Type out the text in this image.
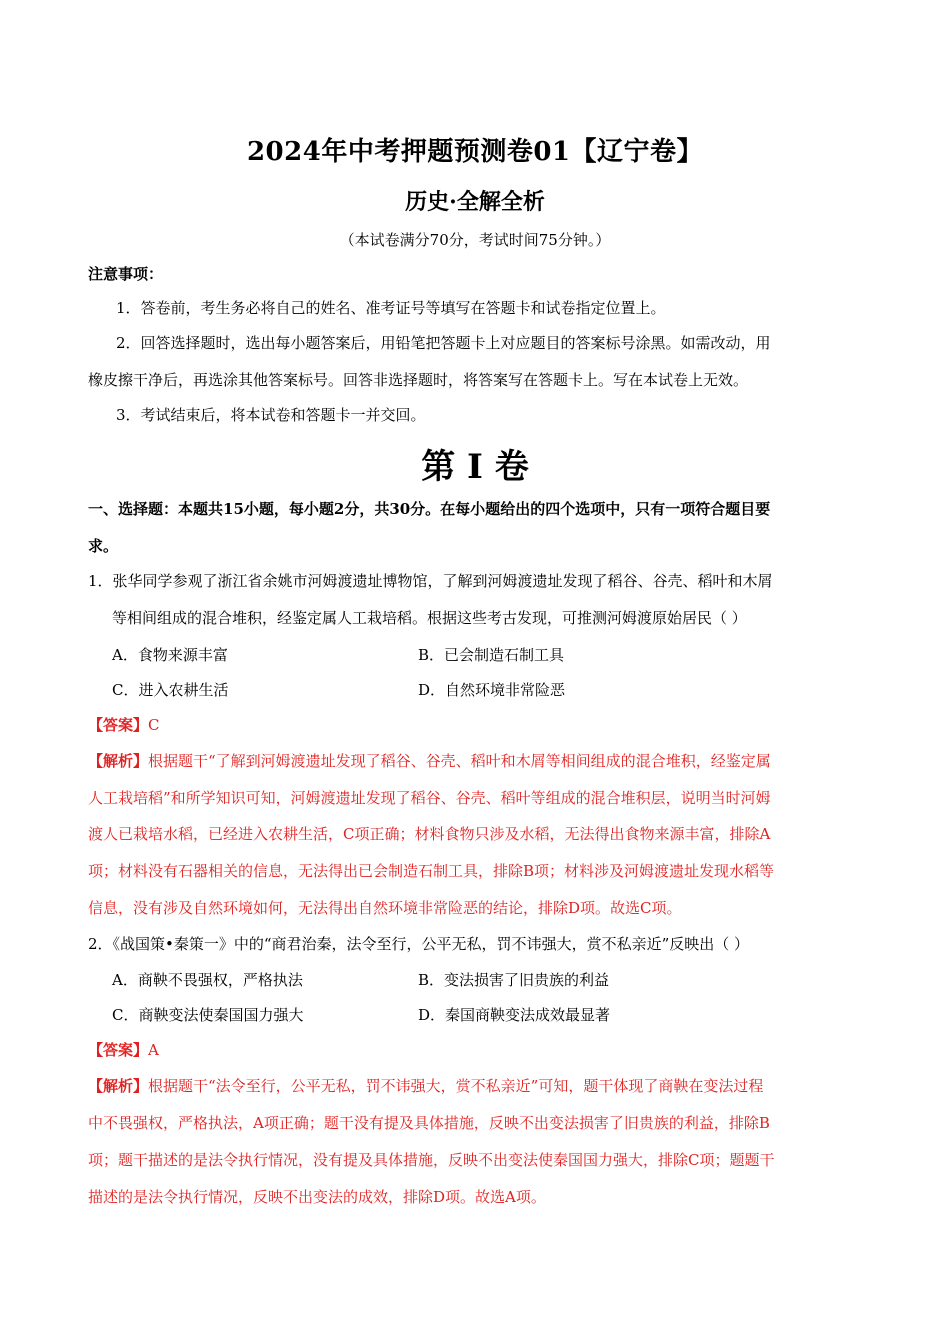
2024年中考押题预测卷01【辽宁卷】
历史·全解全析
（本试卷满分70分，考试时间75分钟。）
注意事项：
1．答卷前，考生务必将自己的姓名、准考证号等填写在答题卡和试卷指定位置上。
2．回答选择题时，选出每小题答案后，用铅笔把答题卡上对应题目的答案标号涂黑。如需改动，用
橡皮擦干净后，再选涂其他答案标号。回答非选择题时，将答案写在答题卡上。写在本试卷上无效。
3．考试结束后，将本试卷和答题卡一并交回。
第 I 卷
一、选择题：本题共15小题，每小题2分，共30分。在每小题给出的四个选项中，只有一项符合题目要
求。
1．张华同学参观了浙江省余姚市河姆渡遗址博物馆，了解到河姆渡遗址发现了稻谷、谷壳、稻叶和木屑
等相间组成的混合堆积，经鉴定属人工栽培稻。根据这些考古发现，可推测河姆渡原始居民（ ）
A．食物来源丰富	B．已会制造石制工具
C．进入农耕生活	D．自然环境非常险恶
【答案】C
【解析】根据题干“了解到河姆渡遗址发现了稻谷、谷壳、稻叶和木屑等相间组成的混合堆积，经鉴定属
人工栽培稻”和所学知识可知，河姆渡遗址发现了稻谷、谷壳、稻叶等组成的混合堆积层，说明当时河姆
渡人已栽培水稻，已经进入农耕生活，C项正确；材料食物只涉及水稻，无法得出食物来源丰富，排除A
项；材料没有石器相关的信息，无法得出已会制造石制工具，排除B项；材料涉及河姆渡遗址发现水稻等
信息，没有涉及自然环境如何，无法得出自然环境非常险恶的结论，排除D项。故选C项。
2．《战国策•秦策一》中的“商君治秦，法令至行，公平无私，罚不讳强大，赏不私亲近”反映出（ ）
A．商鞅不畏强权，严格执法	B．变法损害了旧贵族的利益
C．商鞅变法使秦国国力强大	D．秦国商鞅变法成效最显著
【答案】A
【解析】根据题干“法令至行，公平无私，罚不讳强大，赏不私亲近”可知，题干体现了商鞅在变法过程
中不畏强权，严格执法，A项正确；题干没有提及具体措施，反映不出变法损害了旧贵族的利益，排除B
项；题干描述的是法令执行情况，没有提及具体措施，反映不出变法使秦国国力强大，排除C项；题题干
描述的是法令执行情况，反映不出变法的成效，排除D项。故选A项。
